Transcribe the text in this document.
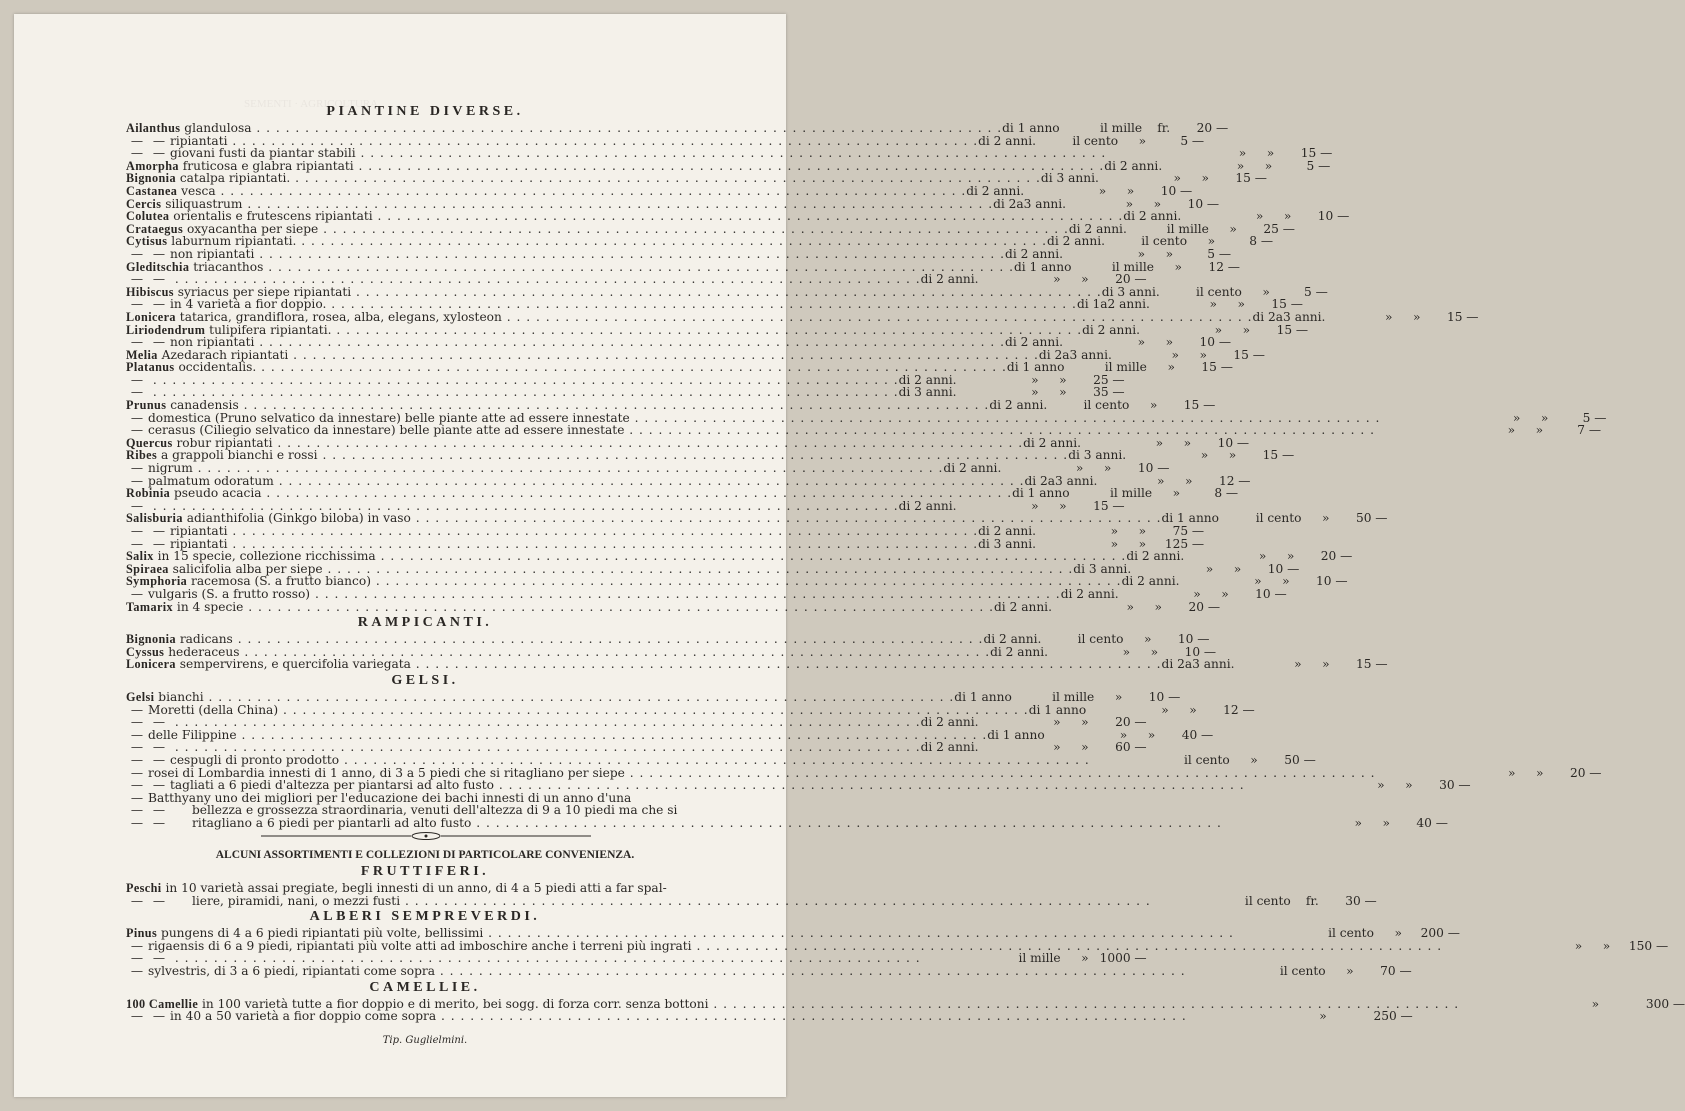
SEMENTI · AGRICOLTURA
PIANTINE DIVERSE.
Ailanthus glandulosa . . .	di 1 anno	il mille	fr.	20 —
— — ripiantati . . .	di 2 anni.	il cento	»	5 —
— — giovani fusti da piantar stabili . . .	»	»	15 —
Amorpha fruticosa e glabra ripiantati . . .	di 2 anni.	»	»	5 —
Bignonia catalpa ripiantati. . . .	di 3 anni.	»	»	15 —
Castanea vesca . . .	di 2 anni.	»	»	10 —
Cercis siliquastrum . . .	di 2a3 anni.	»	»	10 —
Colutea orientalis e frutescens ripiantati . . .	di 2 anni.	»	»	10 —
Crataegus oxyacantha per siepe . . .	di 2 anni.	il mille	»	25 —
Cytisus laburnum ripiantati. . . .	di 2 anni.	il cento	»	8 —
— — non ripiantati . . .	di 2 anni.	»	»	5 —
Gleditschia triacanthos . . .	di 1 anno	il mille	»	12 —
— — . . .	di 2 anni.	»	»	20 —
Hibiscus syriacus per siepe ripiantati . . .	di 3 anni.	il cento	»	5 —
— — in 4 varietà a fior doppio. . . .	di 1a2 anni.	»	»	15 —
Lonicera tatarica, grandiflora, rosea, alba, elegans, xylosteon . . .	di 2a3 anni.	»	»	15 —
Liriodendrum tulipifera ripiantati. . . .	di 2 anni.	»	»	15 —
— — non ripiantati . . .	di 2 anni.	»	»	10 —
Melia Azedarach ripiantati . . .	di 2a3 anni.	»	»	15 —
Platanus occidentalis. . . .	di 1 anno	il mille	»	15 —
— . . .	di 2 anni.	»	»	25 —
— . . .	di 3 anni.	»	»	35 —
Prunus canadensis . . .	di 2 anni.	il cento	»	15 —
— domestica (Pruno selvatico da innestare) belle piante atte ad essere innestate . . .	»	»	5 —
— cerasus (Ciliegio selvatico da innestare) belle piante atte ad essere innestate . . .	»	»	7 —
Quercus robur ripiantati . . .	di 2 anni.	»	»	10 —
Ribes a grappoli bianchi e rossi . . .	di 3 anni.	»	»	15 —
— nigrum . . .	di 2 anni.	»	»	10 —
— palmatum odoratum . . .	di 2a3 anni.	»	»	12 —
Robinia pseudo acacia . . .	di 1 anno	il mille	»	8 —
— . . .	di 2 anni.	»	»	15 —
Salisburia adianthifolia (Ginkgo biloba) in vaso . . .	di 1 anno	il cento	»	50 —
— — ripiantati . . .	di 2 anni.	»	»	75 —
— — ripiantati . . .	di 3 anni.	»	»	125 —
Salix in 15 specie, collezione ricchissima . . .	di 2 anni.	»	»	20 —
Spiraea salicifolia alba per siepe . . .	di 3 anni.	»	»	10 —
Symphoria racemosa (S. a frutto bianco) . . .	di 2 anni.	»	»	10 —
— vulgaris (S. a frutto rosso) . . .	di 2 anni.	»	»	10 —
Tamarix in 4 specie . . .	di 2 anni.	»	»	20 —
RAMPICANTI.
Bignonia radicans . . .	di 2 anni.	il cento	»	10 —
Cyssus hederaceus . . .	di 2 anni.	»	»	10 —
Lonicera sempervirens, e quercifolia variegata . . .	di 2a3 anni.	»	»	15 —
GELSI.
Gelsi bianchi . . .	di 1 anno	il mille	»	10 —
— Moretti (della China) . . .	di 1 anno	»	»	12 —
— — . . .	di 2 anni.	»	»	20 —
— delle Filippine . . .	di 1 anno	»	»	40 —
— — . . .	di 2 anni.	»	»	60 —
— — cespugli di pronto prodotto . . .	il cento	»	50 —
— rosei di Lombardia innesti di 1 anno, di 3 a 5 piedi che si ritagliano per siepe . . .	»	»	20 —
— — tagliati a 6 piedi d'altezza per piantarsi ad alto fusto . . .	»	»	30 —
— Batthyany uno dei migliori per l'educazione dei bachi innesti di un anno d'una
— — bellezza e grossezza straordinaria, venuti dell'altezza di 9 a 10 piedi ma che si
— — ritagliano a 6 piedi per piantarli ad alto fusto . . .	»	»	40 —
ALCUNI ASSORTIMENTI E COLLEZIONI DI PARTICOLARE CONVENIENZA.
FRUTTIFERI.
Peschi in 10 varietà assai pregiate, begli innesti di un anno, di 4 a 5 piedi atti a far spal-
— — liere, piramidi, nani, o mezzi fusti . . .	il cento	fr.	30 —
ALBERI SEMPREVERDI.
Pinus pungens di 4 a 6 piedi ripiantati più volte, bellissimi . . .	il cento	»	200 —
— rigaensis di 6 a 9 piedi, ripiantati più volte atti ad imboschire anche i terreni più ingrati . . .	»	»	150 —
— — . . .	il mille	» 1000 —
— sylvestris, di 3 a 6 piedi, ripiantati come sopra . . .	il cento	»	70 —
CAMELLIE.
100 Camellie in 100 varietà tutte a fior doppio e di merito, bei sogg. di forza corr. senza bottoni . . .	»	300 —
— — in 40 a 50 varietà a fior doppio come sopra . . .	»	250 —
Tip. Guglielmini.
